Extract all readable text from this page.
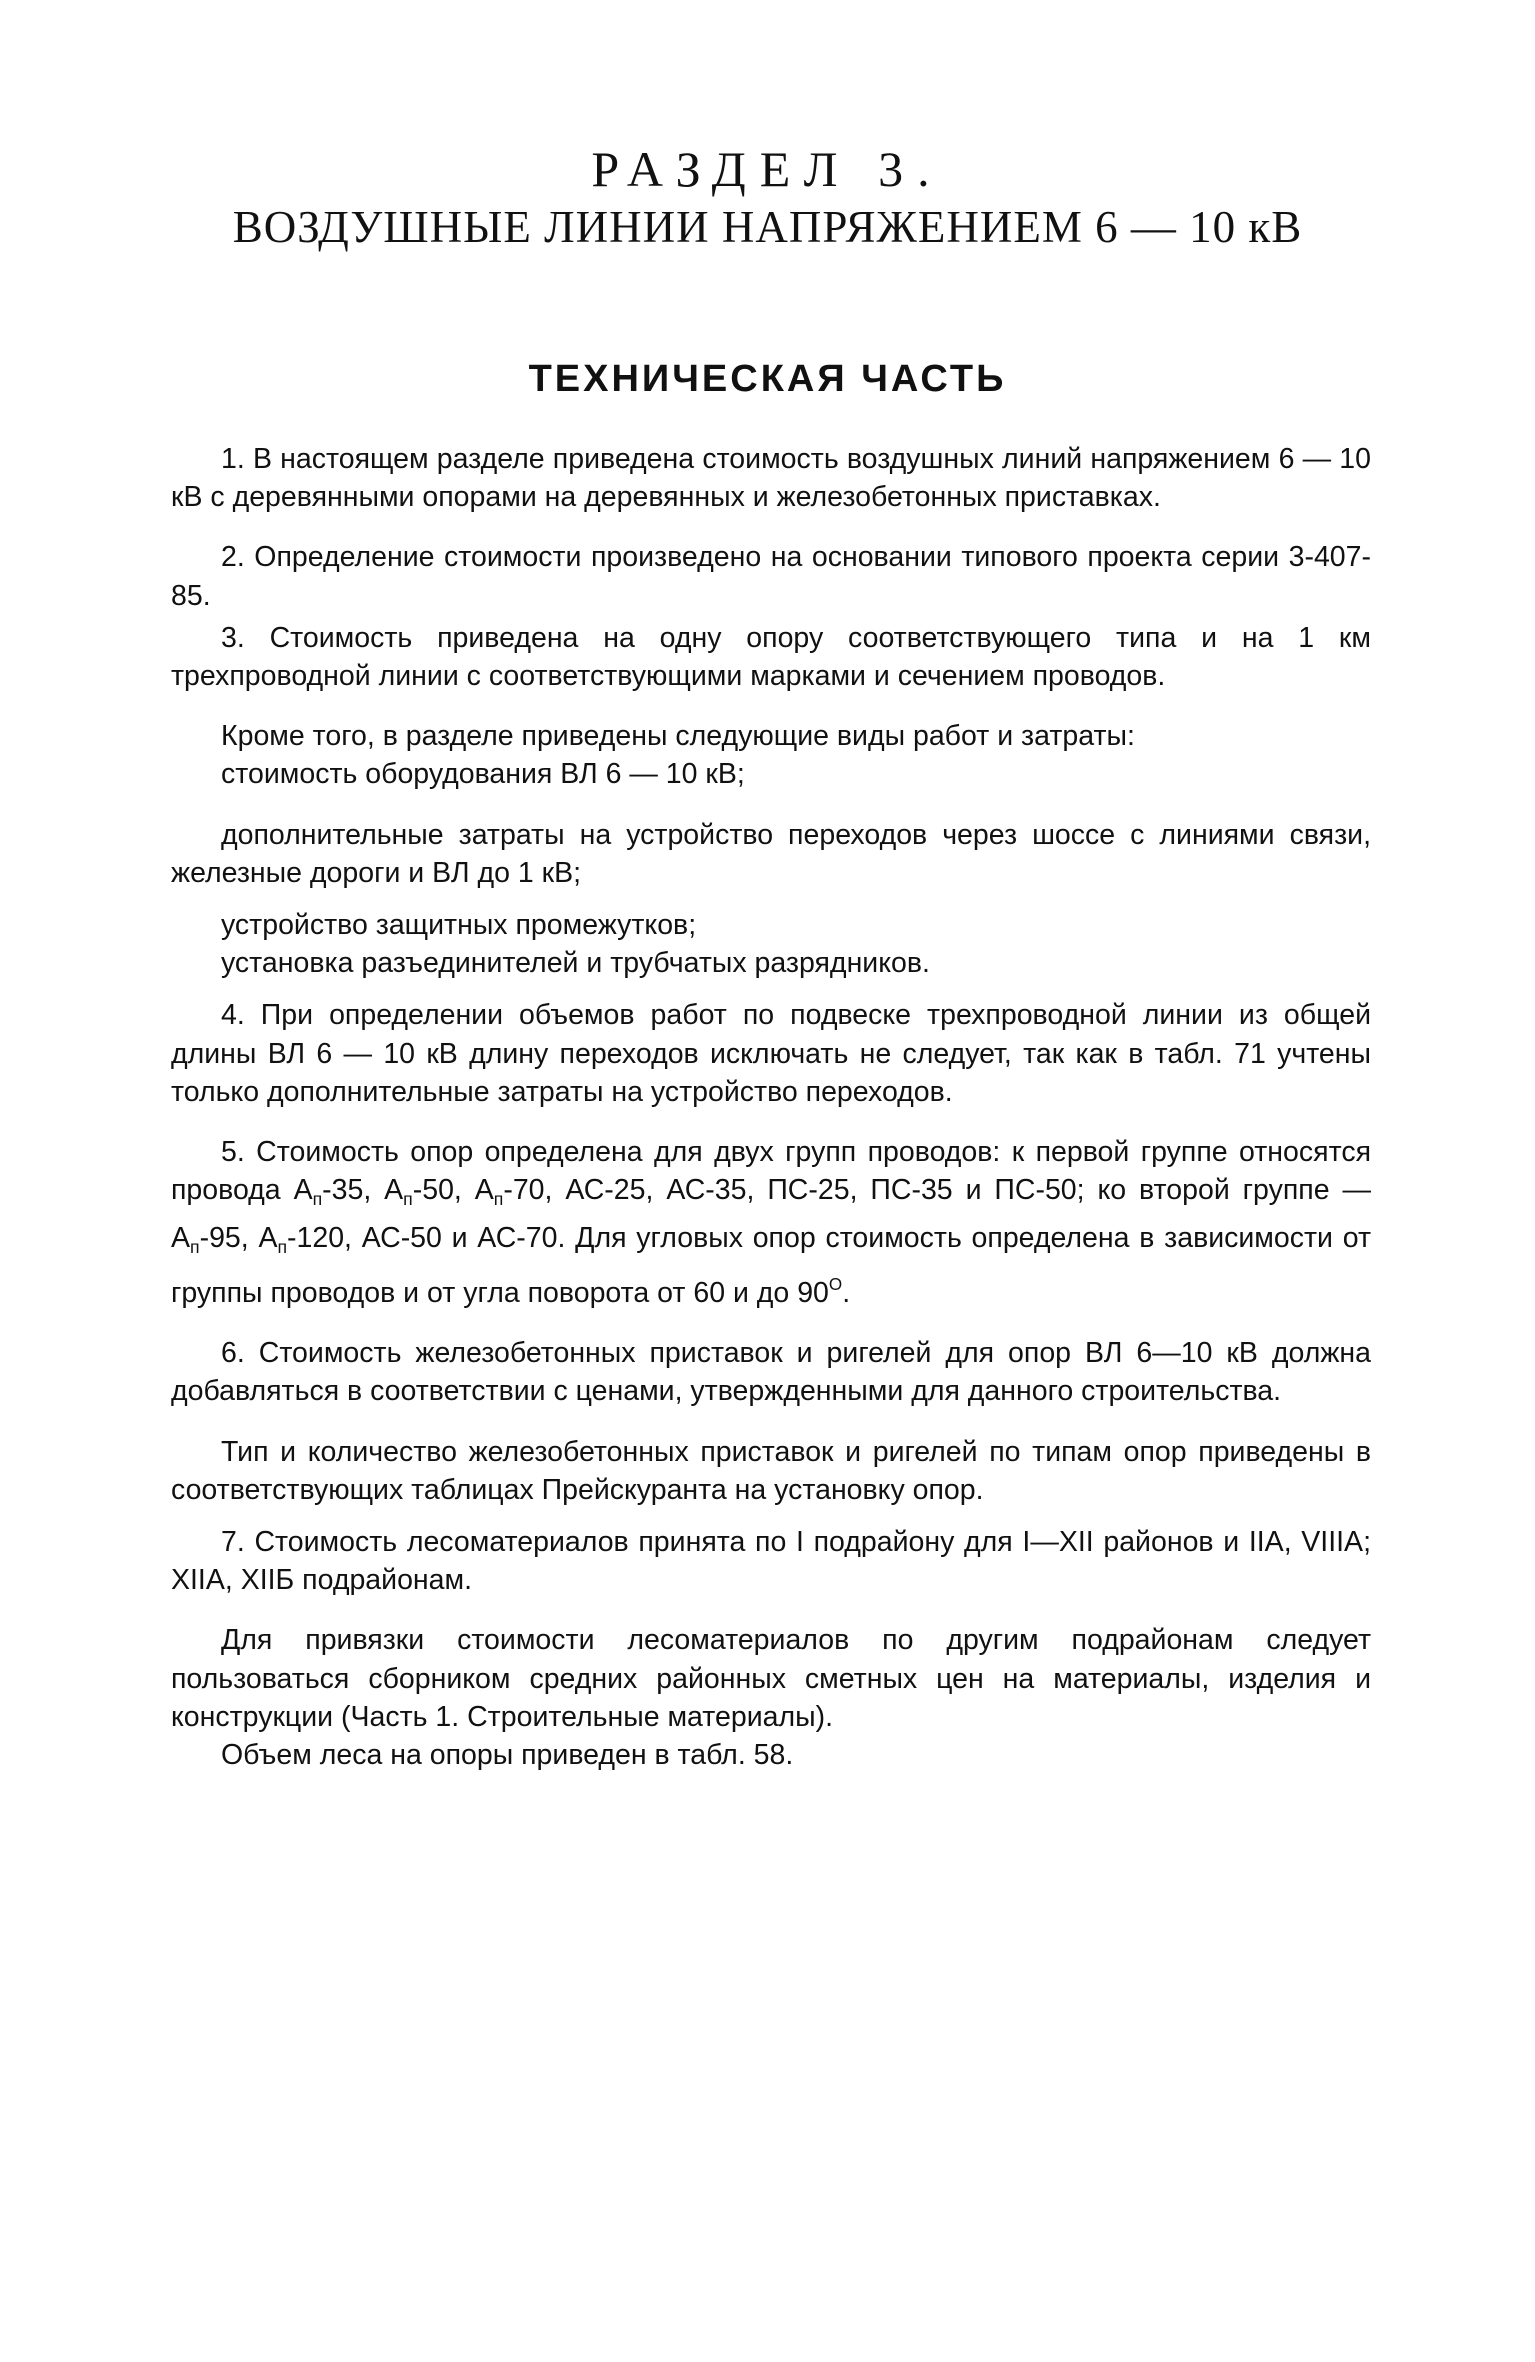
РАЗДЕЛ 3.
ВОЗДУШНЫЕ ЛИНИИ НАПРЯЖЕНИЕМ 6 — 10 кВ
ТЕХНИЧЕСКАЯ ЧАСТЬ

1. В настоящем разделе приведена стоимость воздушных линий напряжением 6 — 10 кВ с деревянными опорами на деревянных и железобетонных приставках.

2. Определение стоимости произведено на основании типового проекта серии 3-407-85.

3. Стоимость приведена на одну опору соответствующего типа и на 1 км трехпроводной линии с соответствующими марками и сечением проводов.

Кроме того, в разделе приведены следующие виды работ и затраты:

стоимость оборудования ВЛ 6 — 10 кВ;

дополнительные затраты на устройство переходов через шоссе с линиями связи, железные дороги и ВЛ до 1 кВ;

устройство защитных промежутков;

установка разъединителей и трубчатых разрядников.

4. При определении объемов работ по подвеске трехпроводной линии из общей длины ВЛ 6 — 10 кВ длину переходов исключать не следует, так как в табл. 71 учтены только дополнительные затраты на устройство переходов.

5. Стоимость опор определена для двух групп проводов: к первой группе относятся провода $А_п-35$, $А_п-50$, $А_п-70$, АС-25, АС-35, ПС-25, ПС-35 и ПС-50; ко второй группе — $А_п-95$, $А_п-120$, АС-50 и АС-70. Для угловых опор стоимость определена в зависимости от группы проводов и от угла поворота от 60 и до $90^О$.

6. Стоимость железобетонных приставок и ригелей для опор ВЛ 6—10 кВ должна добавляться в соответствии с ценами, утвержденными для данного строительства.

Тип и количество железобетонных приставок и ригелей по типам опор приведены в соответствующих таблицах Прейскуранта на установку опор.

7. Стоимость лесоматериалов принята по I подрайону для I—XII районов и IIА, VIIIА; XIIА, XIIБ подрайонам.

Для привязки стоимости лесоматериалов по другим подрайонам следует пользоваться сборником средних районных сметных цен на материалы, изделия и конструкции (Часть 1. Строительные материалы).

Объем леса на опоры приведен в табл. 58.
